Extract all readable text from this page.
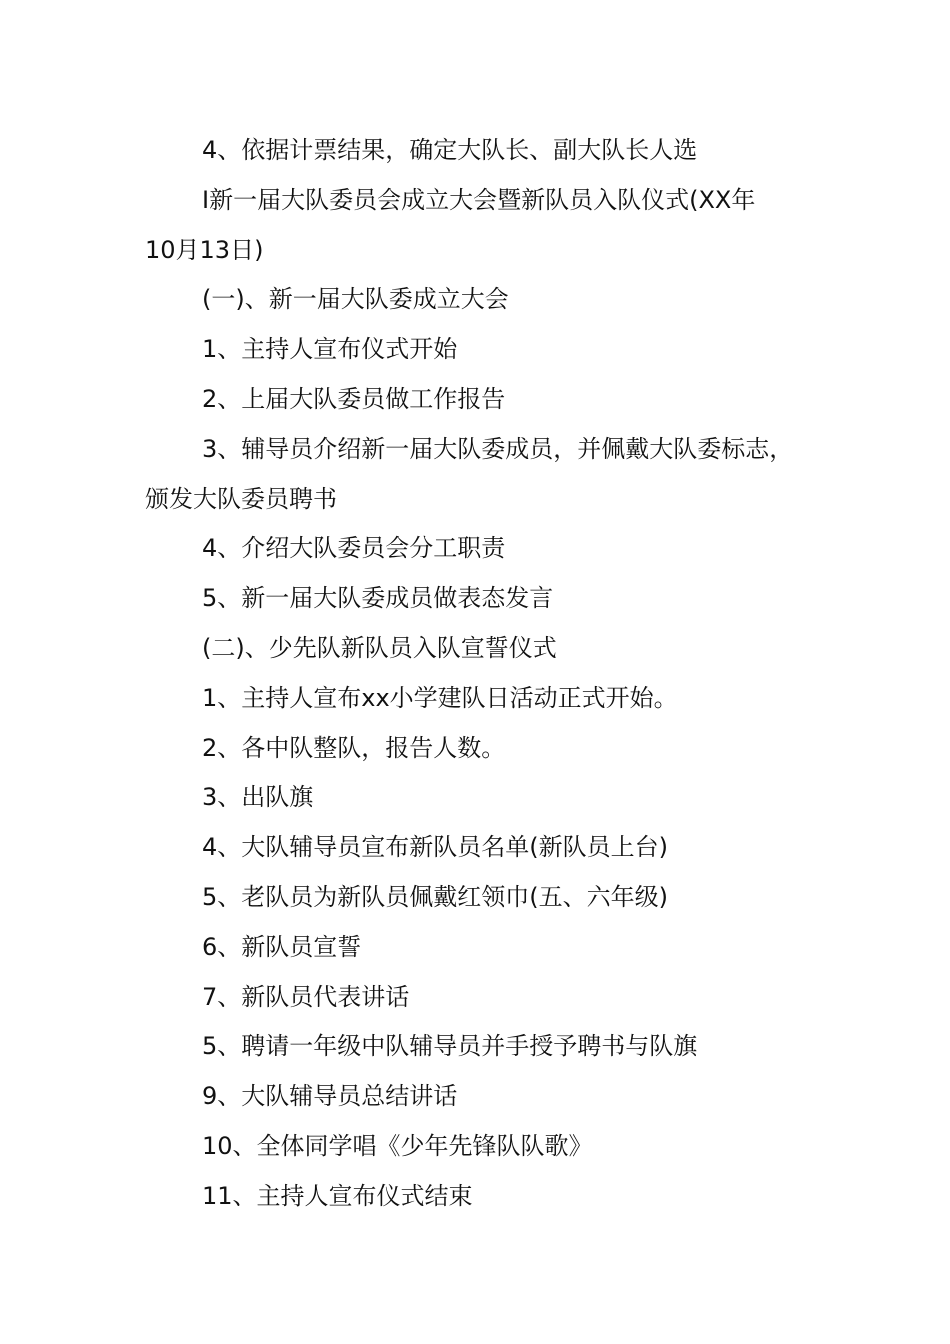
4、依据计票结果，确定大队长、副大队长人选

Ⅰ新一届大队委员会成立大会暨新队员入队仪式(XX年

10月13日)

(一)、新一届大队委成立大会

1、主持人宣布仪式开始

2、上届大队委员做工作报告

3、辅导员介绍新一届大队委成员，并佩戴大队委标志，

颁发大队委员聘书

4、介绍大队委员会分工职责

5、新一届大队委成员做表态发言

(二)、少先队新队员入队宣誓仪式

1、主持人宣布xx小学建队日活动正式开始。

2、各中队整队，报告人数。

3、出队旗

4、大队辅导员宣布新队员名单(新队员上台)

5、老队员为新队员佩戴红领巾(五、六年级)

6、新队员宣誓

7、新队员代表讲话

5、聘请一年级中队辅导员并手授予聘书与队旗

9、大队辅导员总结讲话

10、全体同学唱《少年先锋队队歌》

11、主持人宣布仪式结束
